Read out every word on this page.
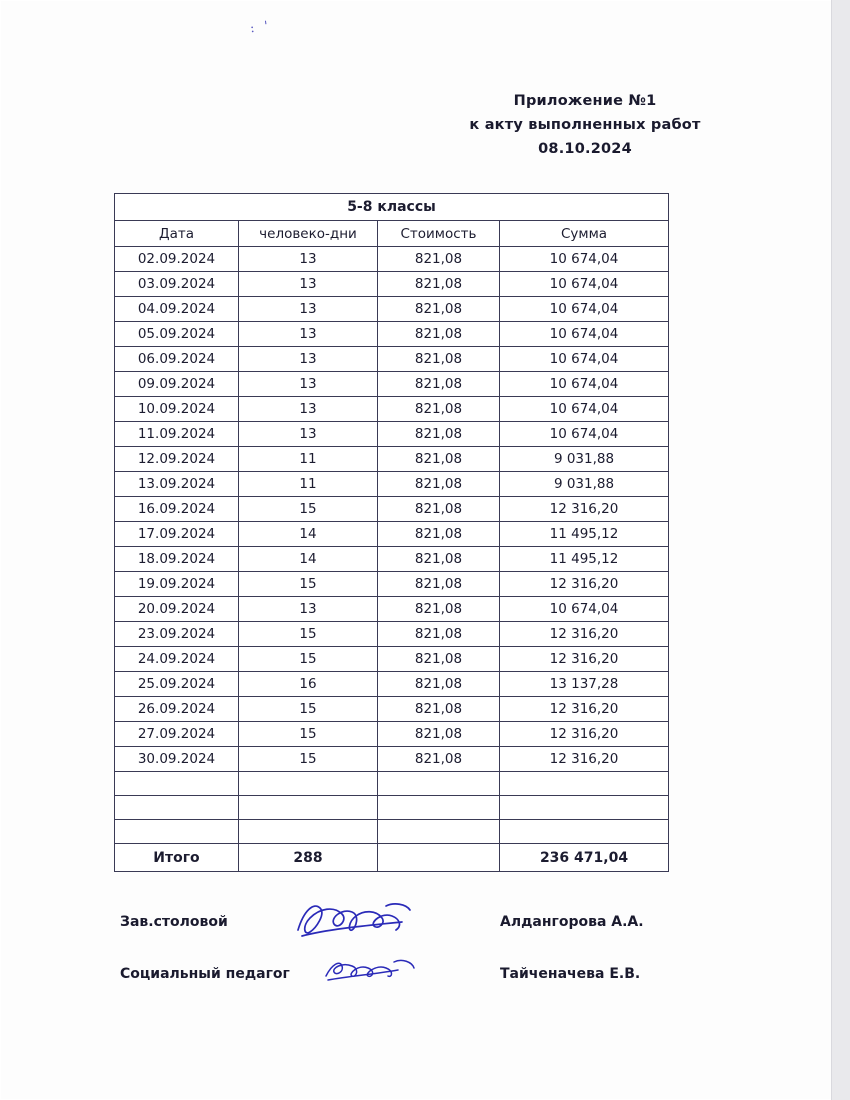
: '
Приложение №1
к акту выполненных работ
08.10.2024
5-8 классы			
Дата	человеко-дни	Стоимость	Сумма
02.09.2024	13	821,08	10 674,04
03.09.2024	13	821,08	10 674,04
04.09.2024	13	821,08	10 674,04
05.09.2024	13	821,08	10 674,04
06.09.2024	13	821,08	10 674,04
09.09.2024	13	821,08	10 674,04
10.09.2024	13	821,08	10 674,04
11.09.2024	13	821,08	10 674,04
12.09.2024	11	821,08	9 031,88
13.09.2024	11	821,08	9 031,88
16.09.2024	15	821,08	12 316,20
17.09.2024	14	821,08	11 495,12
18.09.2024	14	821,08	11 495,12
19.09.2024	15	821,08	12 316,20
20.09.2024	13	821,08	10 674,04
23.09.2024	15	821,08	12 316,20
24.09.2024	15	821,08	12 316,20
25.09.2024	16	821,08	13 137,28
26.09.2024	15	821,08	12 316,20
27.09.2024	15	821,08	12 316,20
30.09.2024	15	821,08	12 316,20

Итого	288		236 471,04
Зав.столовой	Алдангорова А.А.
Социальный педагог	Тайченачева Е.В.
